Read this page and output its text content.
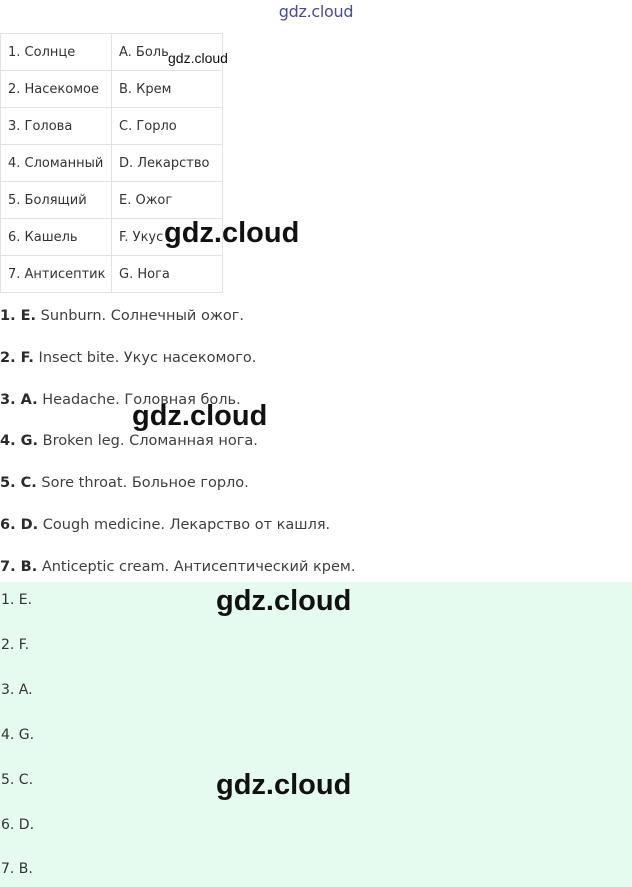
gdz.cloud
1. Солнце	A. Боль
2. Насекомое	B. Крем
3. Голова	C. Горло
4. Сломанный	D. Лекарство
5. Болящий	E. Ожог
6. Кашель	F. Укус
7. Антисептик	G. Нога
1. E. Sunburn. Солнечный ожог.
2. F. Insect bite. Укус насекомого.
3. A. Headache. Головная боль.
4. G. Broken leg. Сломанная нога.
5. C. Sore throat. Больное горло.
6. D. Cough medicine. Лекарство от кашля.
7. B. Anticeptic cream. Антисептический крем.
1. E.
2. F.
3. A.
4. G.
5. C.
6. D.
7. B.
gdz.cloud
gdz.cloud
gdz.cloud
gdz.cloud
gdz.cloud
